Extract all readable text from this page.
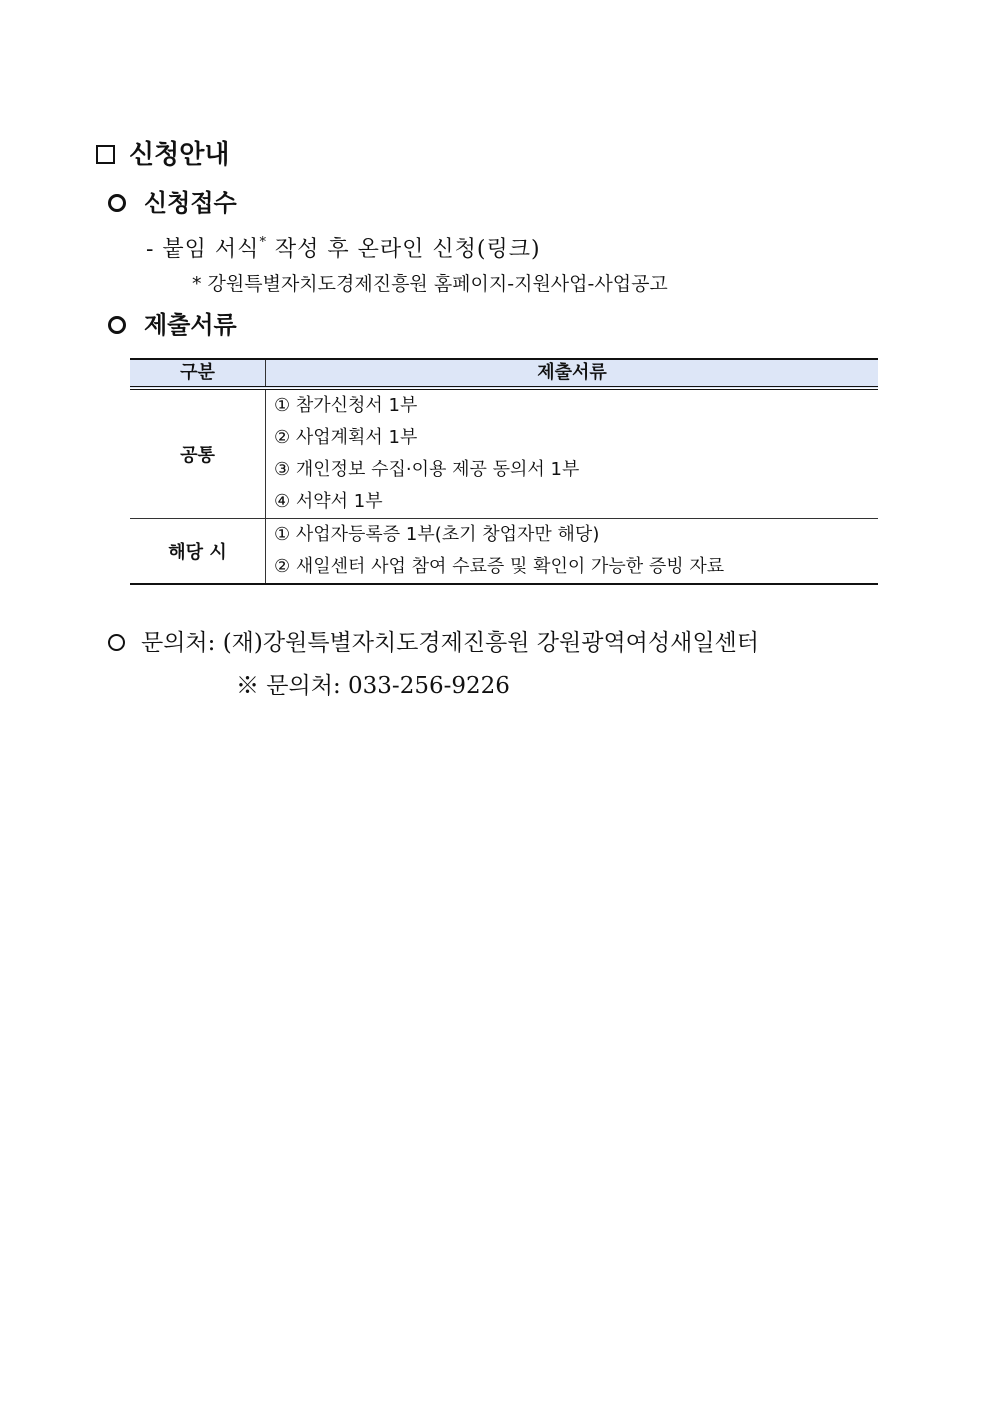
신청안내
신청접수
- 붙임 서식* 작성 후 온라인 신청(링크)
* 강원특별자치도경제진흥원 홈페이지-지원사업-사업공고
제출서류
구분	제출서류
공통	① 참가신청서 1부
② 사업계획서 1부
③ 개인정보 수집·이용 제공 동의서 1부
④ 서약서 1부

해당 시	① 사업자등록증 1부(초기 창업자만 해당)
② 새일센터 사업 참여 수료증 및 확인이 가능한 증빙 자료
문의처: (재)강원특별자치도경제진흥원 강원광역여성새일센터
※ 문의처: 033-256-9226
